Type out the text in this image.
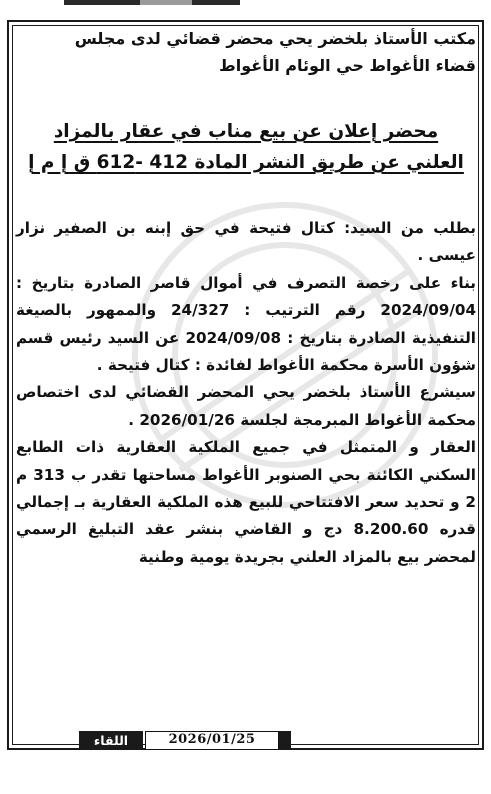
مكتب الأستاذ بلخضر يحي محضر قضائي لدى مجلس
قضاء الأغواط حي الوئام الأغواط
محضر إعلان عن بيع مناب في عقار بالمزاد
العلني عن طريق النشر المادة 412 -612 ق إ م إ

بطلب من السيد: كتال فتيحة في حق إبنه بن الصفير نزار عيسى .

بناء على رخصة التصرف في أموال قاصر الصادرة بتاريخ : 2024/09/04 رقم الترتيب : 24/327 والممهور بالصيغة التنفيذية الصادرة بتاريخ : 2024/09/08 عن السيد رئيس قسم شؤون الأسرة محكمة الأغواط لفائدة : كتال فتيحة .

سيشرع الأستاذ بلخضر يحي المحضر القضائي لدى اختصاص محكمة الأغواط المبرمجة لجلسة 2026/01/26 .

العقار و المتمثل في جميع الملكية العقارية ذات الطابع السكني الكائنة بحي الصنوبر الأغواط مساحتها تقدر ب 313 م 2 و تحديد سعر الافتتاحي للبيع هذه الملكية العقارية بـ إجمالي قدره 8.200.60 دج و القاضي بنشر عقد التبليغ الرسمي لمحضر بيع بالمزاد العلني بجريدة يومية وطنية

اللقاء	2026/01/25
